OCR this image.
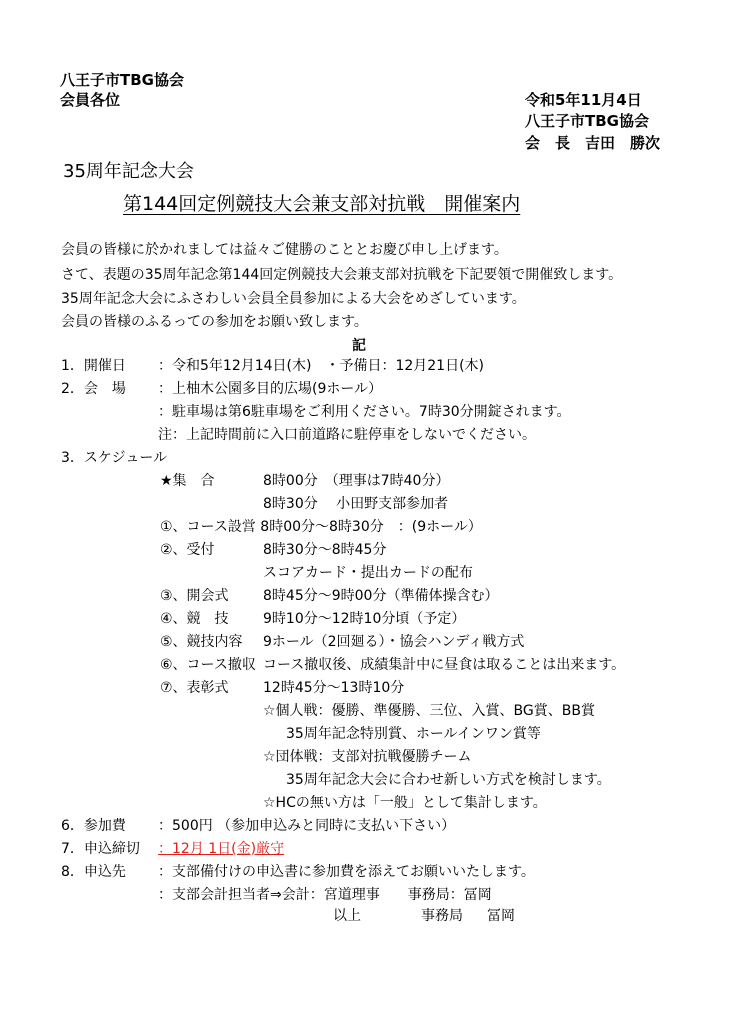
八王子市TBG協会
会員各位	令和5年11月4日
八王子市TBG協会
会　長　吉田　勝次
35周年記念大会
第144回定例競技大会兼支部対抗戦　開催案内
会員の皆様に於かれましては益々ご健勝のこととお慶び申し上げます。
さて、表題の35周年記念第144回定例競技大会兼支部対抗戦を下記要領で開催致します。
35周年記念大会にふさわしい会員全員参加による大会をめざしています。
会員の皆様のふるっての参加をお願い致します。
記
1．開催日 ：令和5年12月14日(木)　・予備日：12月21日(木)
2．会　場 ：上柚木公園多目的広場(9ホール）
：駐車場は第6駐車場をご利用ください。7時30分開錠されます。
注：上記時間前に入口前道路に駐停車をしないでください。
3．スケジュール
★集　合	8時00分　（理事は7時40分）
8時30分　 小田野支部参加者
①、コース設営 8時00分～8時30分　：(9ホール）
②、受付	8時30分～8時45分
スコアカード・提出カードの配布
③、開会式 8時45分～9時00分（準備体操含む）
④、競　技 9時10分～12時10分頃（予定）
⑤、競技内容 9ホール（2回廻る）・協会ハンディ戦方式
⑥、コース撤収 コース撤収後、成績集計中に昼食は取ることは出来ます。
⑦、表彰式 12時45分～13時10分
☆個人戦：優勝、準優勝、三位、入賞、BG賞、BB賞
35周年記念特別賞、ホールインワン賞等
☆団体戦：支部対抗戦優勝チーム
35周年記念大会に合わせ新しい方式を検討します。
☆HCの無い方は「一般」として集計します。
6．参加費 ：500円 （参加申込みと同時に支払い下さい）
7．申込締切 ：12月 1日(金)厳守
8．申込先 ：支部備付けの申込書に参加費を添えてお願いいたします。
：支部会計担当者⇒会計：宮道理事　　事務局：冨岡
以上	事務局 冨岡
